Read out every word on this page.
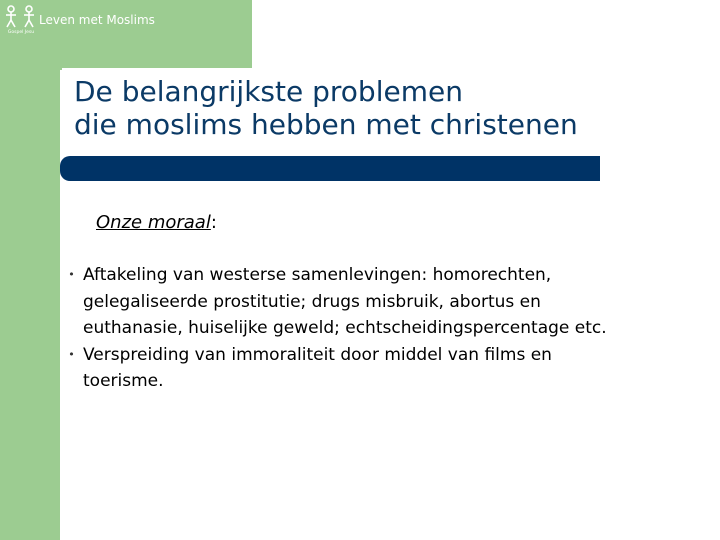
Gospel Jesu
Leven met Moslims
De belangrijkste problemen
die moslims hebben met christenen
Onze moraal:
• Aftakeling van westerse samenlevingen: homorechten,
gelegaliseerde prostitutie; drugs misbruik, abortus en
euthanasie, huiselijke geweld; echtscheidingspercentage etc.
• Verspreiding van immoraliteit door middel van films en
toerisme.
